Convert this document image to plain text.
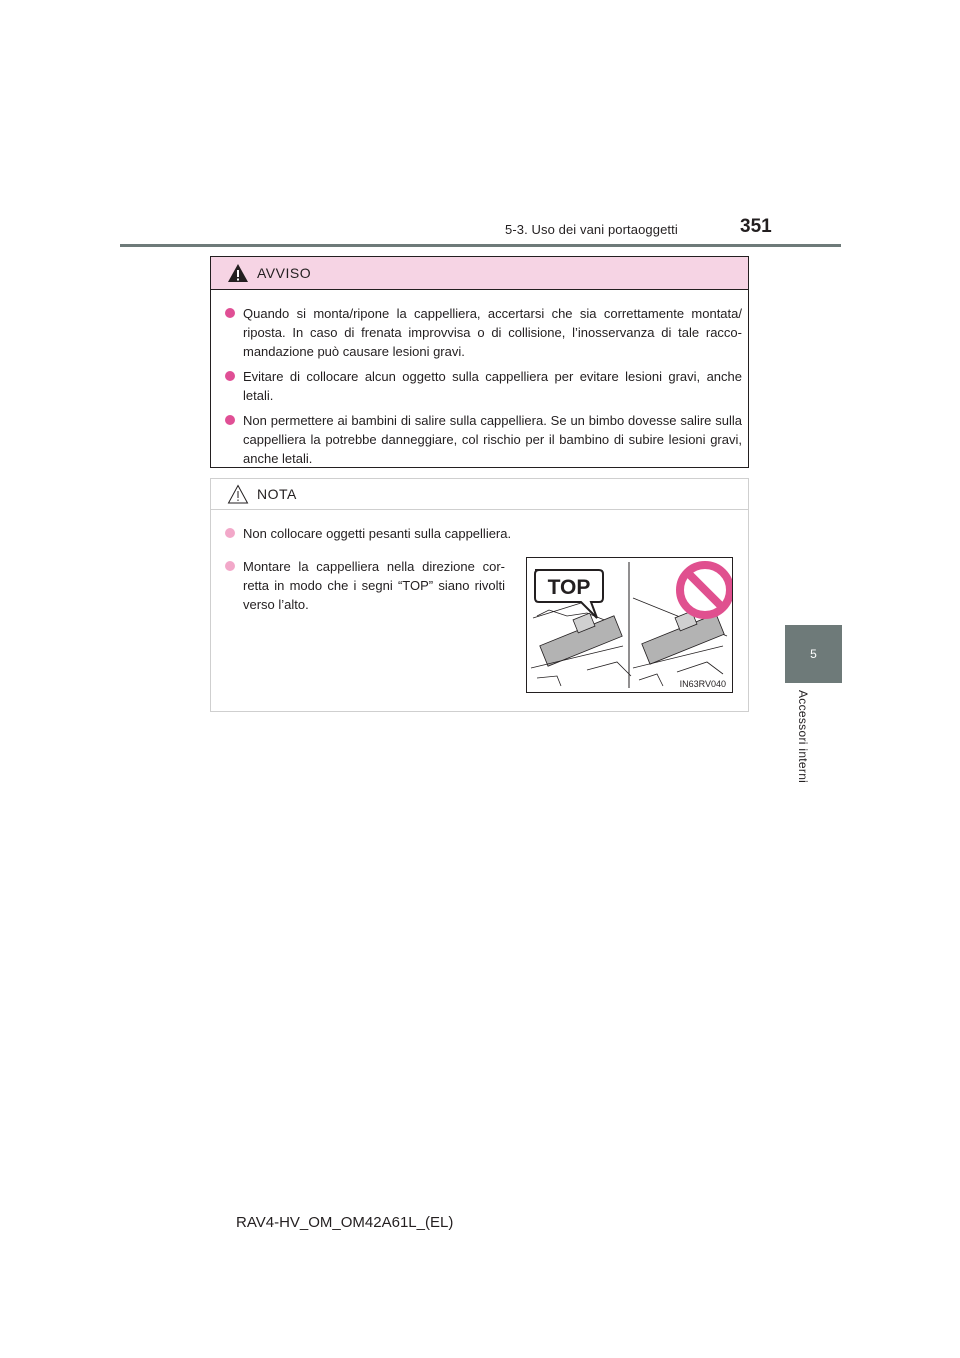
5-3. Uso dei vani portaoggetti	351
5
Accessori interni
AVVISO
Quando si monta/ripone la cappelliera, accertarsi che sia correttamente montata/ riposta. In caso di frenata improvvisa o di collisione, l’inosservanza di tale racco- mandazione può causare lesioni gravi.
Evitare di collocare alcun oggetto sulla cappelliera per evitare lesioni gravi, anche letali.
Non permettere ai bambini di salire sulla cappelliera. Se un bimbo dovesse salire sulla cappelliera la potrebbe danneggiare, col rischio per il bambino di subire lesioni gravi, anche letali.
NOTA
Non collocare oggetti pesanti sulla cappelliera.
Montare la cappelliera nella direzione cor- retta in modo che i segni “TOP” siano rivolti verso l’alto.
TOP
IN63RV040
RAV4-HV_OM_OM42A61L_(EL)
